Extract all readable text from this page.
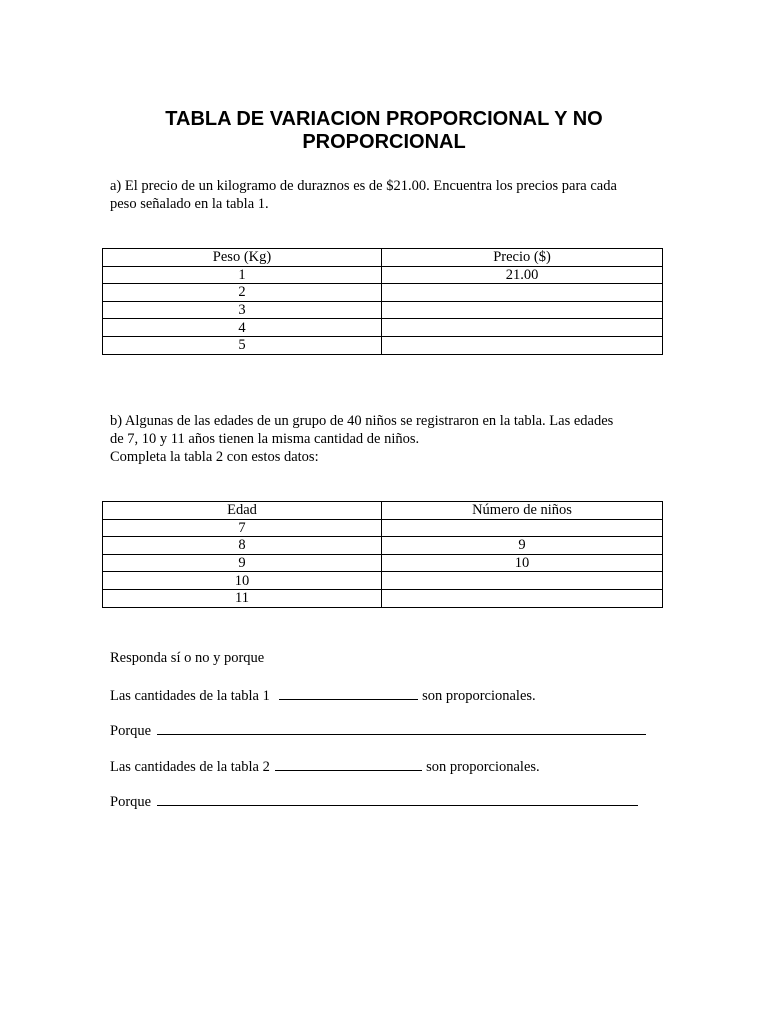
TABLA DE VARIACION PROPORCIONAL Y NO
PROPORCIONAL

a) El precio de un kilogramo de duraznos es de $21.00. Encuentra los precios para cada
peso señalado en la tabla 1.

Peso (Kg)	Precio ($)
1	21.00
2	
3	
4	
5	

b) Algunas de las edades de un grupo de 40 niños se registraron en la tabla. Las edades
de 7, 10 y 11 años tienen la misma cantidad de niños.
Completa la tabla 2 con estos datos:

Edad	Número de niños
7	
8	9
9	10
10	
11	

Responda sí o no y porque

Las cantidades de la tabla 1	son proporcionales.

Porque

Las cantidades de la tabla 2	son proporcionales.

Porque
